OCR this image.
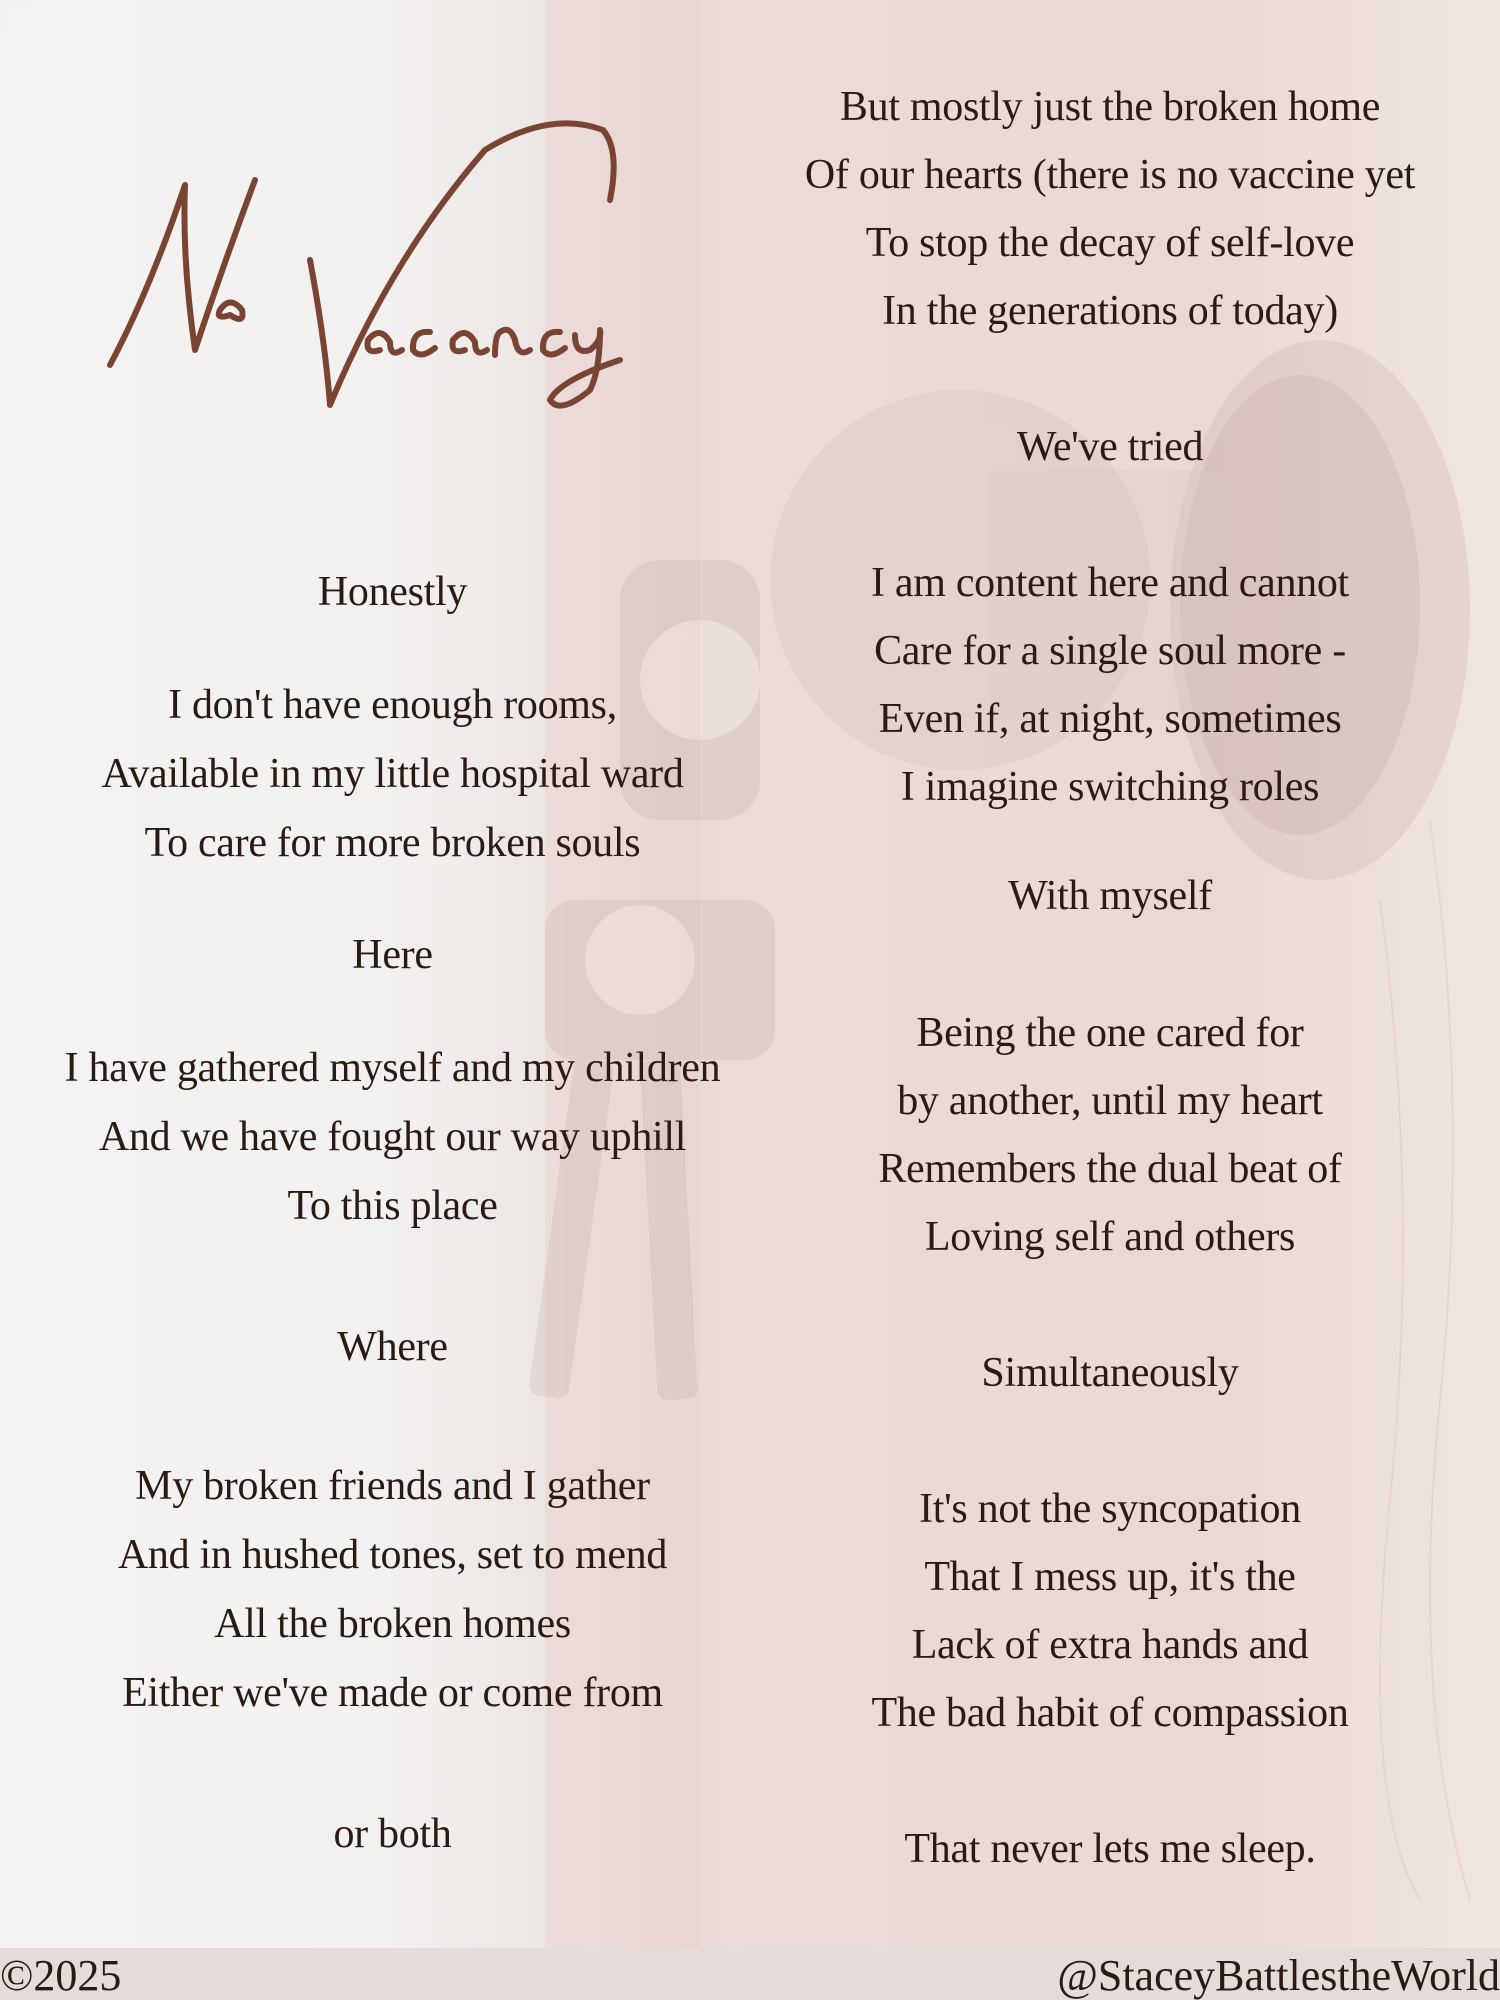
Honestly
I don't have enough rooms,
Available in my little hospital ward
To care for more broken souls
Here
I have gathered myself and my children
And we have fought our way uphill
To this place
Where
My broken friends and I gather
And in hushed tones, set to mend
All the broken homes
Either we've made or come from
or both
But mostly just the broken home
Of our hearts (there is no vaccine yet
To stop the decay of self-love
In the generations of today)
We've tried
I am content here and cannot
Care for a single soul more -
Even if, at night, sometimes
I imagine switching roles
With myself
Being the one cared for
by another, until my heart
Remembers the dual beat of
Loving self and others
Simultaneously
It's not the syncopation
That I mess up, it's the
Lack of extra hands and
The bad habit of compassion
That never lets me sleep.
©2025	@StaceyBattlestheWorld
